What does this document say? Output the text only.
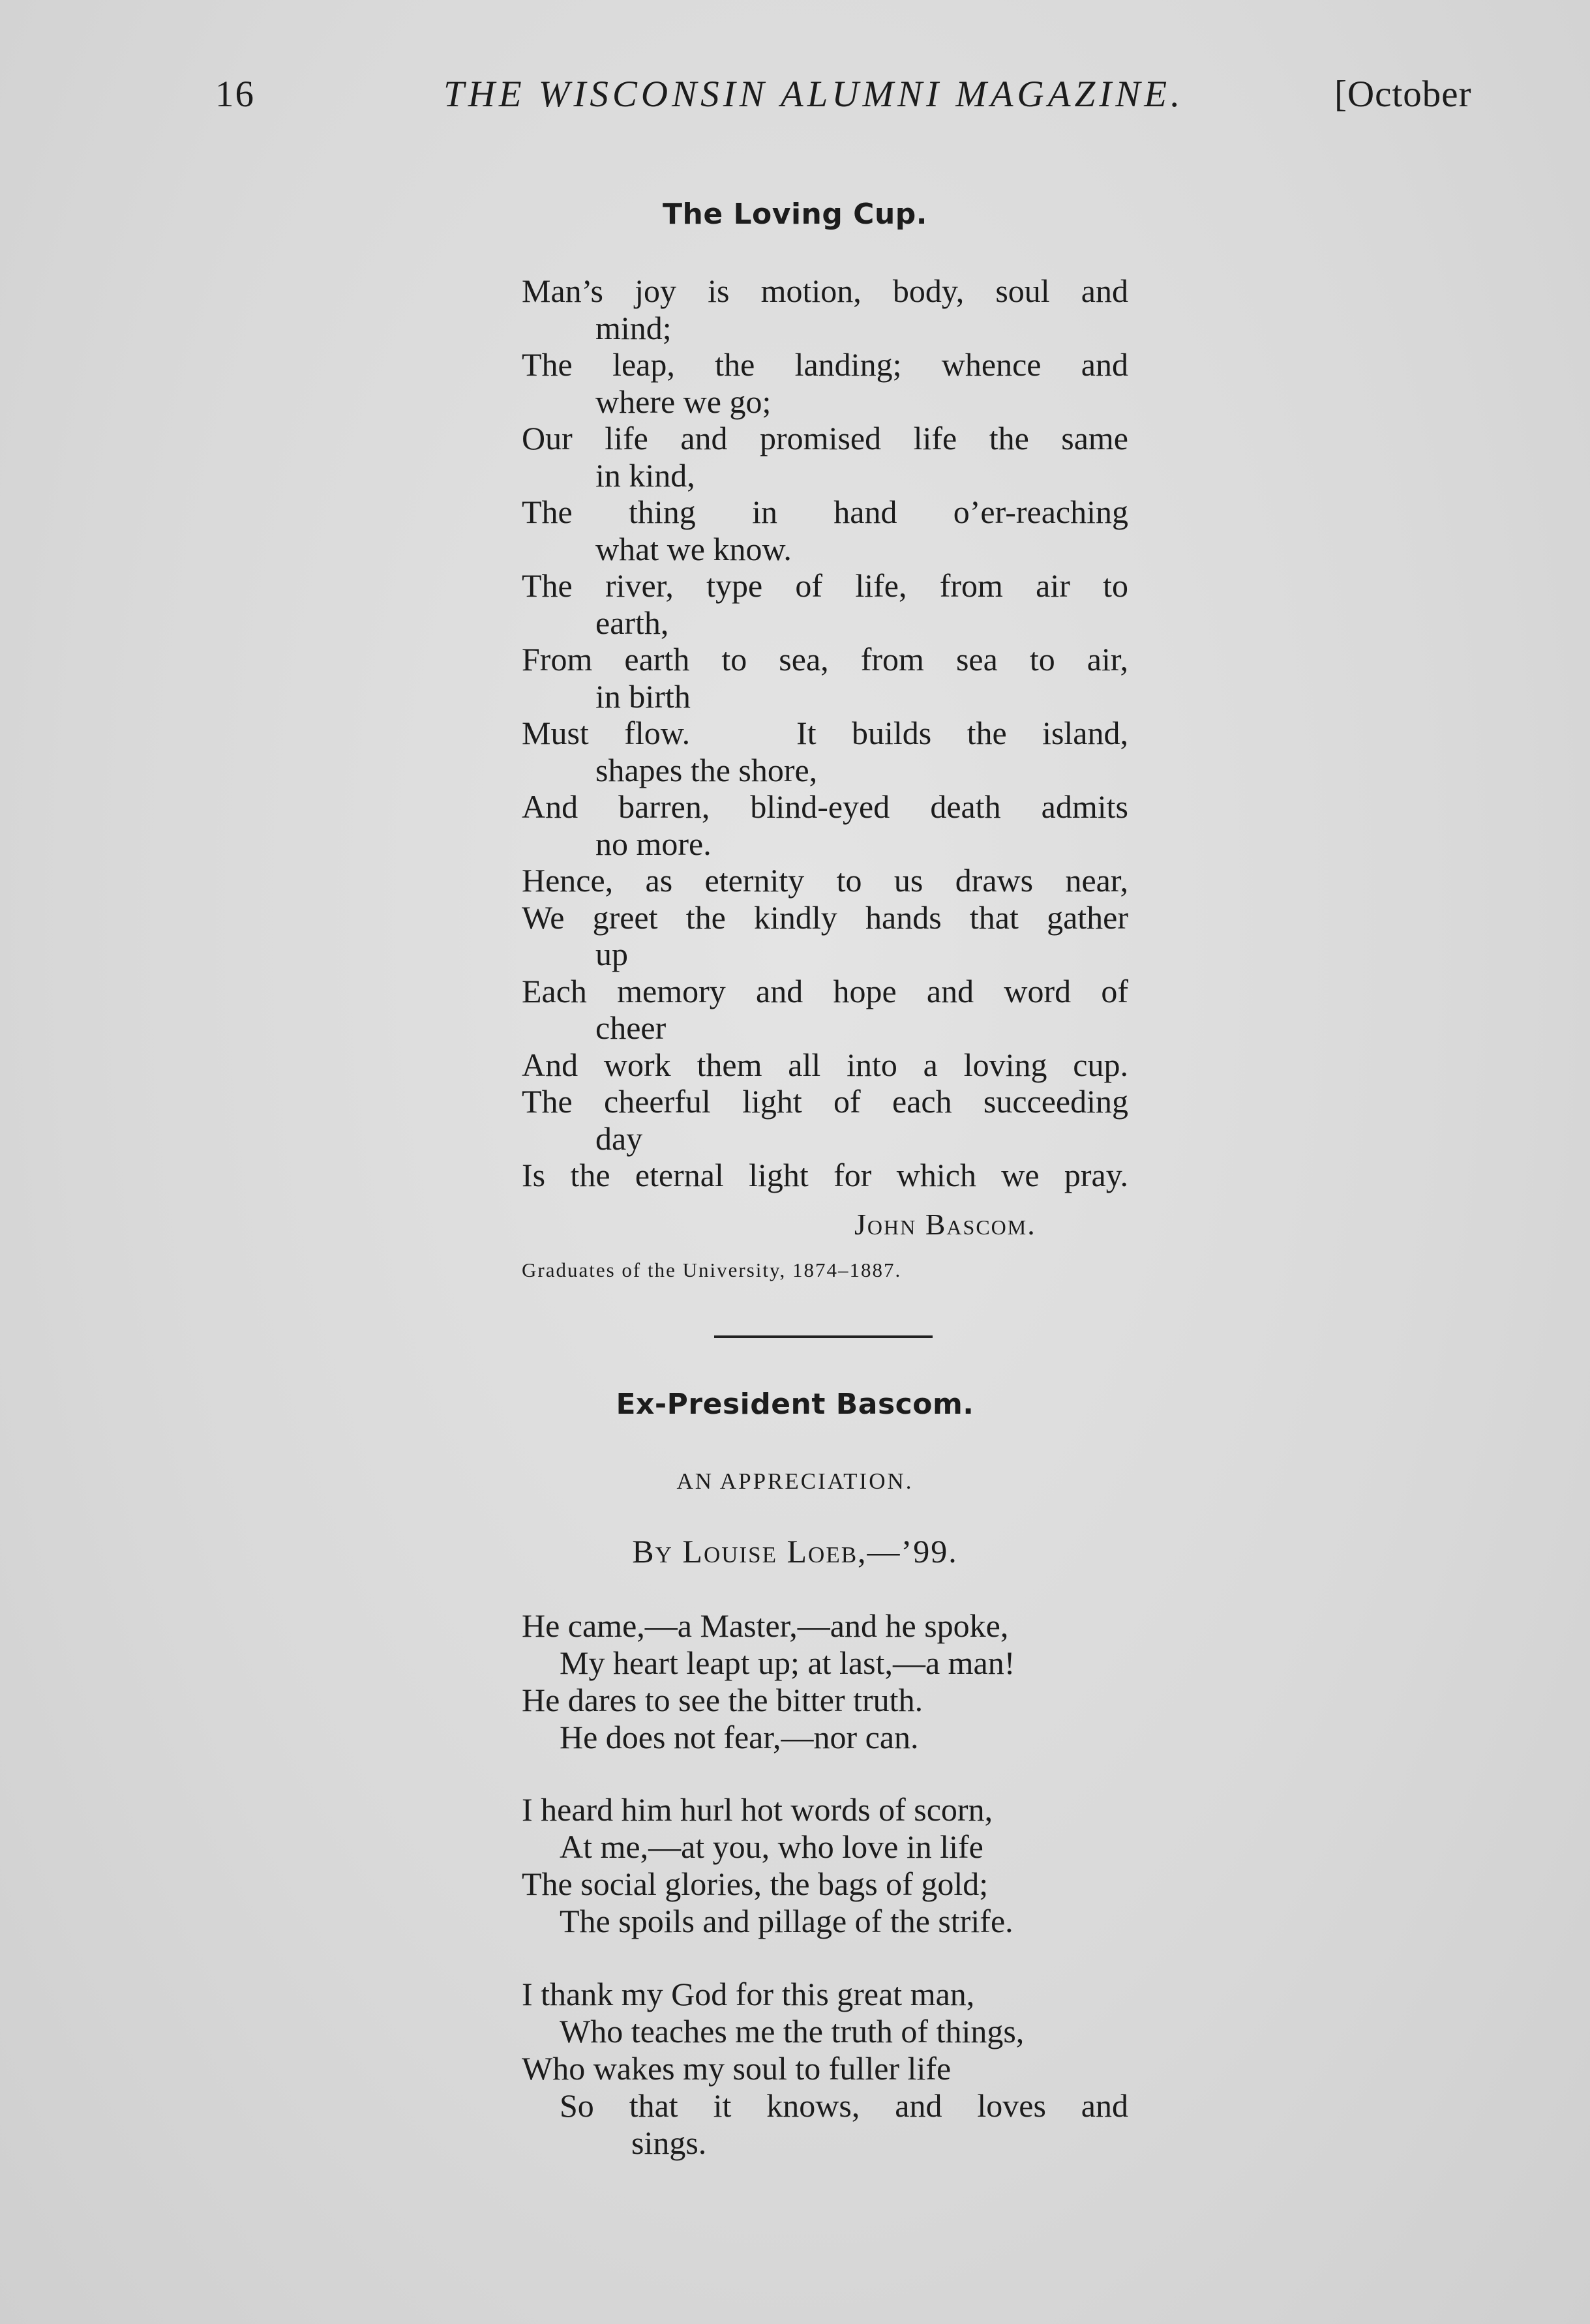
16	THE WISCONSIN ALUMNI MAGAZINE.	[October
The Loving Cup.
Man’s joy is motion, body, soul and
mind;
The leap, the landing; whence and
where we go;
Our life and promised life the same
in kind,
The thing in hand o’er-reaching
what we know.
The river, type of life, from air to
earth,
From earth to sea, from sea to air,
in birth
Must flow.   It builds the island,
shapes the shore,
And barren, blind-eyed death admits
no more.
Hence, as eternity to us draws near,
We greet the kindly hands that gather
up
Each memory and hope and word of
cheer
And work them all into a loving cup.
The cheerful light of each succeeding
day
Is the eternal light for which we pray.
John Bascom.
Graduates of the University, 1874–1887.
Ex-President Bascom.
AN APPRECIATION.
By Louise Loeb,—’99.
He came,—a Master,—and he spoke,
My heart leapt up; at last,—a man!
He dares to see the bitter truth.
He does not fear,—nor can.
I heard him hurl hot words of scorn,
At me,—at you, who love in life
The social glories, the bags of gold;
The spoils and pillage of the strife.
I thank my God for this great man,
Who teaches me the truth of things,
Who wakes my soul to fuller life
So that it knows, and loves and
sings.
